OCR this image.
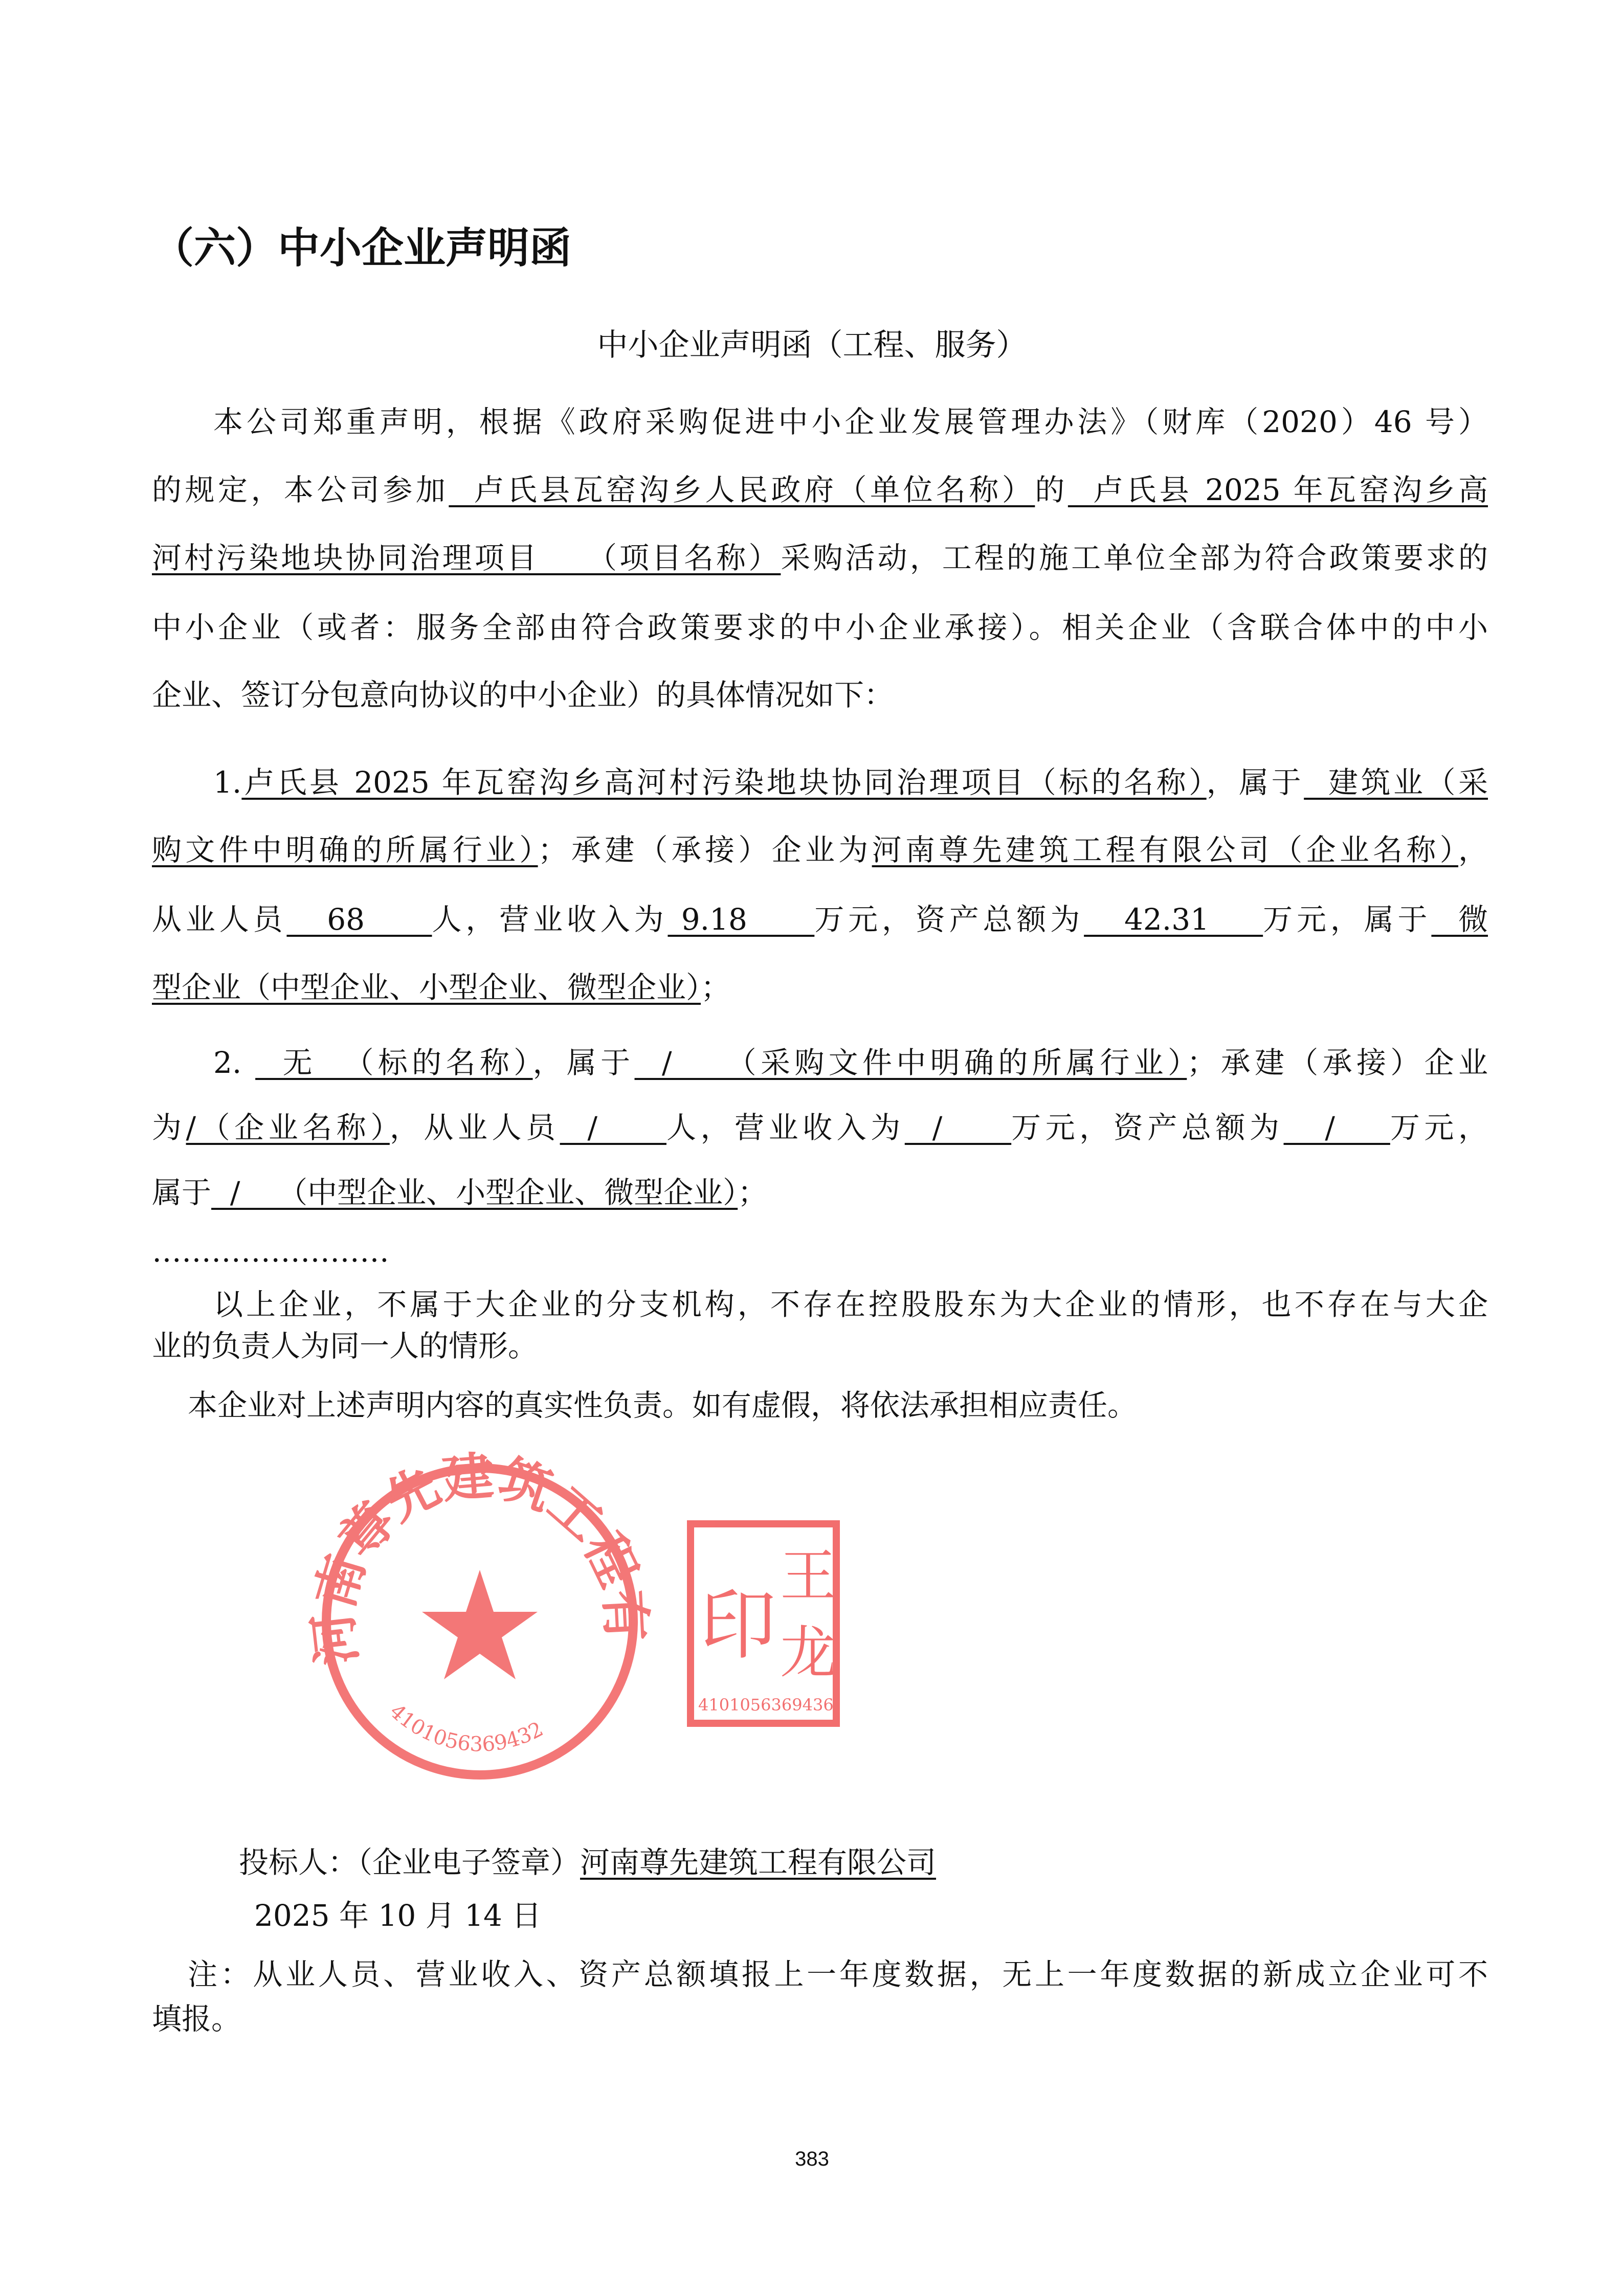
（六）中小企业声明函
中小企业声明函（工程、服务）
本公司郑重声明，根据《政府采购促进中小企业发展管理办法》（财库（2020）46 号）
的规定，本公司参加  卢氏县瓦窑沟乡人民政府（单位名称）的  卢氏县 2025 年瓦窑沟乡高
河村污染地块协同治理项目    （项目名称）采购活动，工程的施工单位全部为符合政策要求的
中小企业（或者：服务全部由符合政策要求的中小企业承接）。相关企业（含联合体中的中小
企业、签订分包意向协议的中小企业）的具体情况如下：
1.卢氏县 2025 年瓦窑沟乡高河村污染地块协同治理项目（标的名称），属于  建筑业（采
购文件中明确的所属行业）；承建（承接）企业为河南尊先建筑工程有限公司（企业名称），
从业人员   68     人，营业收入为 9.18     万元，资产总额为   42.31    万元，属于  微
型企业（中型企业、小型企业、微型企业）；
2.   无  （标的名称），属于  /    （采购文件中明确的所属行业）；承建（承接）企业
为/（企业名称），从业人员  /     人，营业收入为  /     万元，资产总额为   /    万元，
属于  /    （中型企业、小型企业、微型企业）；
……………………
以上企业，不属于大企业的分支机构，不存在控股股东为大企业的情形，也不存在与大企
业的负责人为同一人的情形。
本企业对上述声明内容的真实性负责。如有虚假，将依法承担相应责任。
投标人：（企业电子签章）河南尊先建筑工程有限公司
2025 年 10 月 14 日
注：从业人员、营业收入、资产总额填报上一年度数据，无上一年度数据的新成立企业可不
填报。
河南尊先建筑工程有
4101056369432
印
王
龙
4101056369436
383
